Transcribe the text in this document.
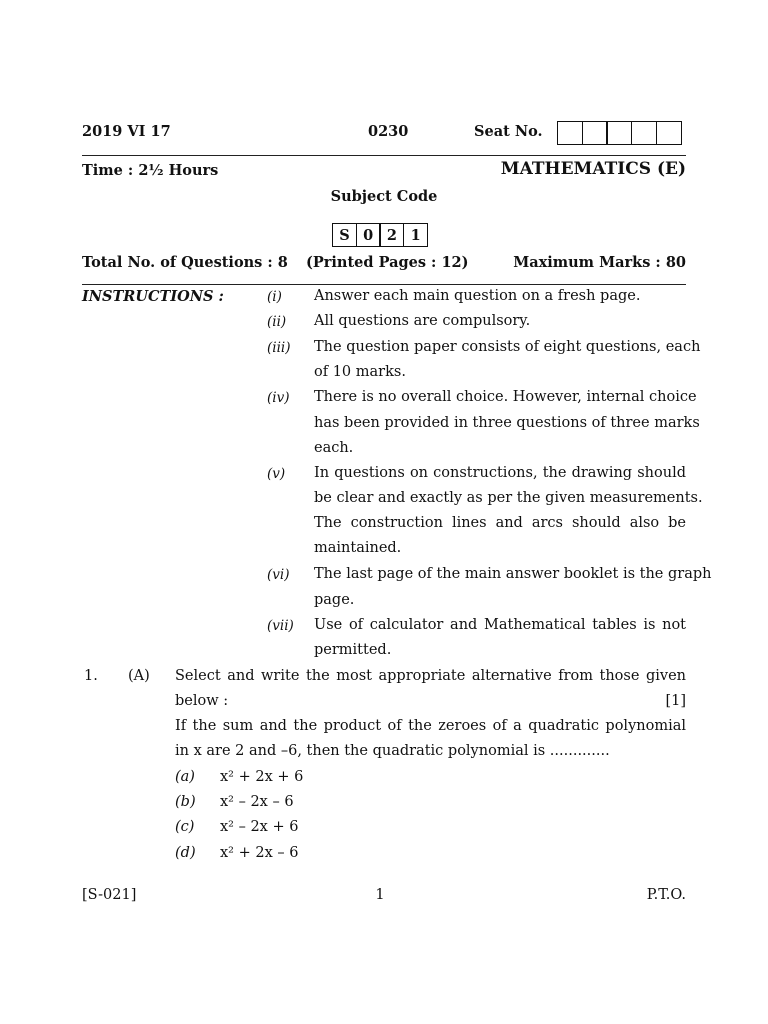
2019 VI 17	0230	Seat No.
Time : 2½ Hours	MATHEMATICS (E)
Subject Code
S 0 2 1
Total No. of Questions : 8 (Printed Pages : 12)	Maximum Marks : 80
INSTRUCTIONS :	(i) Answer each main question on a fresh page.
(ii) All questions are compulsory.
(iii) The question paper consists of eight questions, each
of 10 marks.
(iv) There is no overall choice. However, internal choice
has been provided in three questions of three marks
each.
(v) In questions on constructions, the drawing should
be clear and exactly as per the given measurements.
The construction lines and arcs should also be
maintained.
(vi) The last page of the main answer booklet is the graph
page.
(vii) Use of calculator and Mathematical tables is not
permitted.
1. (A) Select and write the most appropriate alternative from those given
below :	[1]
If the sum and the product of the zeroes of a quadratic polynomial
in x are 2 and –6, then the quadratic polynomial is .............
(a) x² + 2x + 6
(b) x² – 2x – 6
(c) x² – 2x + 6
(d) x² + 2x – 6
[S-021]	1	P.T.O.
